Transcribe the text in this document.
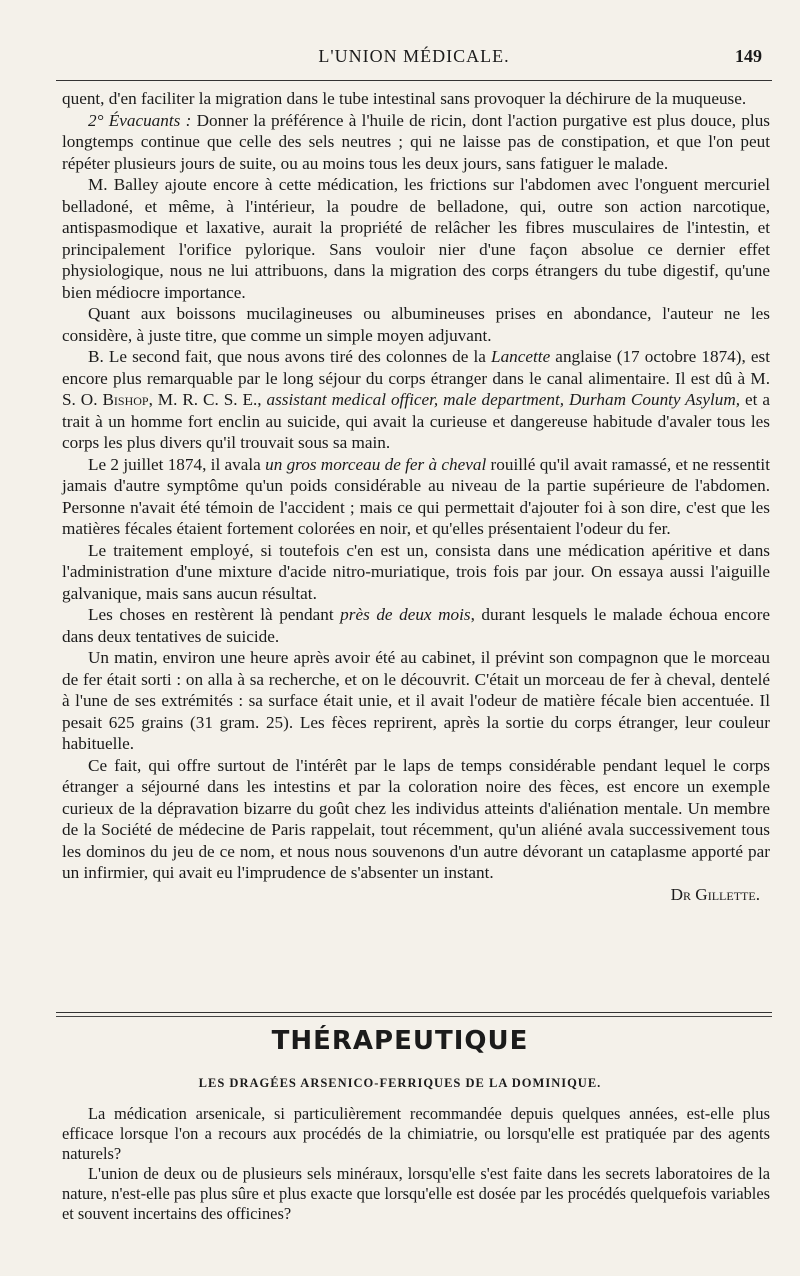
L'UNION MÉDICALE.	149

quent, d'en faciliter la migration dans le tube intestinal sans provoquer la déchirure de la muqueuse.

2° Évacuants : Donner la préférence à l'huile de ricin, dont l'action purgative est plus douce, plus longtemps continue que celle des sels neutres ; qui ne laisse pas de constipation, et que l'on peut répéter plusieurs jours de suite, ou au moins tous les deux jours, sans fatiguer le malade.

M. Balley ajoute encore à cette médication, les frictions sur l'abdomen avec l'onguent mercuriel belladoné, et même, à l'intérieur, la poudre de belladone, qui, outre son action narcotique, antispasmodique et laxative, aurait la propriété de relâcher les fibres musculaires de l'intestin, et principalement l'orifice pylorique. Sans vouloir nier d'une façon absolue ce dernier effet physiologique, nous ne lui attribuons, dans la migration des corps étrangers du tube digestif, qu'une bien médiocre importance.

Quant aux boissons mucilagineuses ou albumineuses prises en abondance, l'auteur ne les considère, à juste titre, que comme un simple moyen adjuvant.

B. Le second fait, que nous avons tiré des colonnes de la Lancette anglaise (17 octobre 1874), est encore plus remarquable par le long séjour du corps étranger dans le canal alimentaire. Il est dû à M. S. O. Bishop, M. R. C. S. E., assistant medical officer, male department, Durham County Asylum, et a trait à un homme fort enclin au suicide, qui avait la curieuse et dangereuse habitude d'avaler tous les corps les plus divers qu'il trouvait sous sa main.

Le 2 juillet 1874, il avala un gros morceau de fer à cheval rouillé qu'il avait ramassé, et ne ressentit jamais d'autre symptôme qu'un poids considérable au niveau de la partie supérieure de l'abdomen. Personne n'avait été témoin de l'accident ; mais ce qui permettait d'ajouter foi à son dire, c'est que les matières fécales étaient fortement colorées en noir, et qu'elles présentaient l'odeur du fer.

Le traitement employé, si toutefois c'en est un, consista dans une médication apéritive et dans l'administration d'une mixture d'acide nitro-muriatique, trois fois par jour. On essaya aussi l'aiguille galvanique, mais sans aucun résultat.

Les choses en restèrent là pendant près de deux mois, durant lesquels le malade échoua encore dans deux tentatives de suicide.

Un matin, environ une heure après avoir été au cabinet, il prévint son compagnon que le morceau de fer était sorti : on alla à sa recherche, et on le découvrit. C'était un morceau de fer à cheval, dentelé à l'une de ses extrémités : sa surface était unie, et il avait l'odeur de matière fécale bien accentuée. Il pesait 625 grains (31 gram. 25). Les fèces reprirent, après la sortie du corps étranger, leur couleur habituelle.

Ce fait, qui offre surtout de l'intérêt par le laps de temps considérable pendant lequel le corps étranger a séjourné dans les intestins et par la coloration noire des fèces, est encore un exemple curieux de la dépravation bizarre du goût chez les individus atteints d'aliénation mentale. Un membre de la Société de médecine de Paris rappelait, tout récemment, qu'un aliéné avala successivement tous les dominos du jeu de ce nom, et nous nous souvenons d'un autre dévorant un cataplasme apporté par un infirmier, qui avait eu l'imprudence de s'absenter un instant.

Dr Gillette.
THÉRAPEUTIQUE
LES DRAGÉES ARSENICO-FERRIQUES DE LA DOMINIQUE.

La médication arsenicale, si particulièrement recommandée depuis quelques années, est-elle plus efficace lorsque l'on a recours aux procédés de la chimiatrie, ou lorsqu'elle est pratiquée par des agents naturels?

L'union de deux ou de plusieurs sels minéraux, lorsqu'elle s'est faite dans les secrets laboratoires de la nature, n'est-elle pas plus sûre et plus exacte que lorsqu'elle est dosée par les procédés quelquefois variables et souvent incertains des officines?
